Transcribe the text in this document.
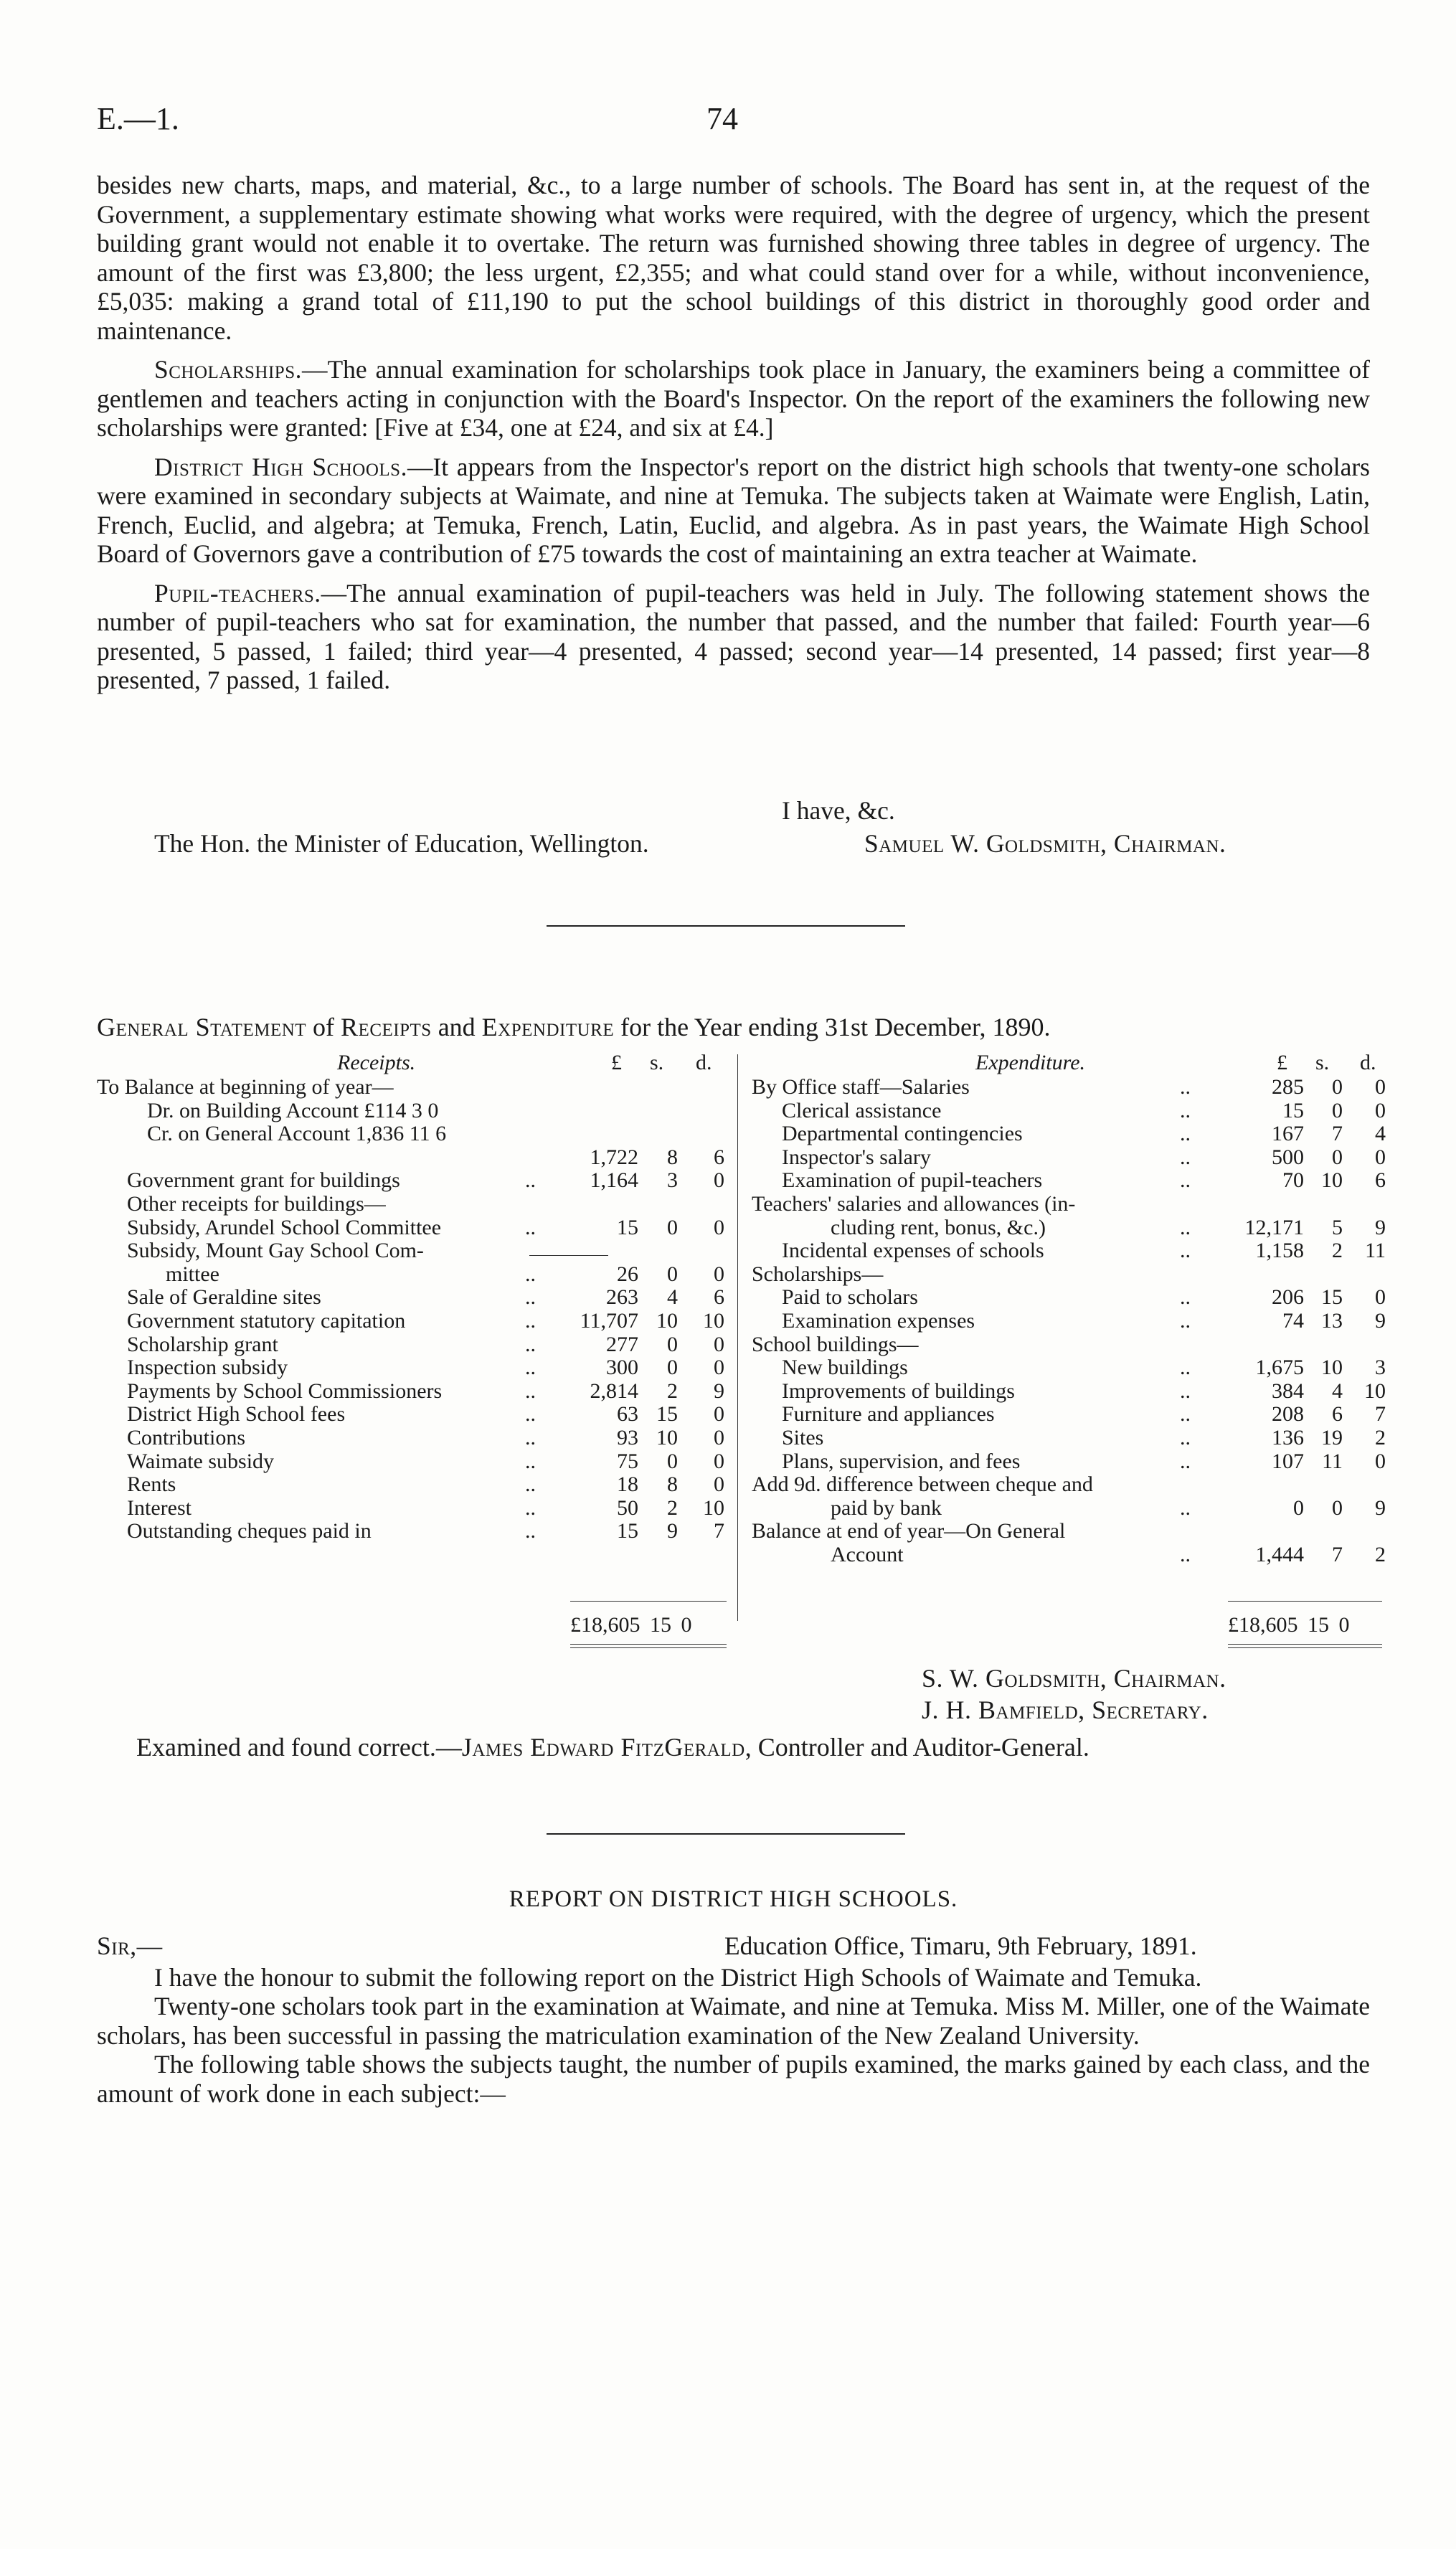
E.—1.	74

besides new charts, maps, and material, &c., to a large number of schools. The Board has sent in, at the request of the Government, a supplementary estimate showing what works were required, with the degree of urgency, which the present building grant would not enable it to overtake. The return was furnished showing three tables in degree of urgency. The amount of the first was £3,800; the less urgent, £2,355; and what could stand over for a while, without inconvenience, £5,035: making a grand total of £11,190 to put the school buildings of this district in thoroughly good order and maintenance.

Scholarships.—The annual examination for scholarships took place in January, the examiners being a committee of gentlemen and teachers acting in conjunction with the Board's Inspector. On the report of the examiners the following new scholarships were granted: [Five at £34, one at £24, and six at £4.]

District High Schools.—It appears from the Inspector's report on the district high schools that twenty-one scholars were examined in secondary subjects at Waimate, and nine at Temuka. The subjects taken at Waimate were English, Latin, French, Euclid, and algebra; at Temuka, French, Latin, Euclid, and algebra. As in past years, the Waimate High School Board of Governors gave a contribution of £75 towards the cost of maintaining an extra teacher at Waimate.

Pupil-teachers.—The annual examination of pupil-teachers was held in July. The following statement shows the number of pupil-teachers who sat for examination, the number that passed, and the number that failed: Fourth year—6 presented, 5 passed, 1 failed; third year—4 presented, 4 passed; second year—14 presented, 14 passed; first year—8 presented, 7 passed, 1 failed.

I have, &c.
The Hon. the Minister of Education, Wellington.	Samuel W. Goldsmith, Chairman.
General Statement of Receipts and Expenditure for the Year ending 31st December, 1890.
Receipts.	Expenditure.
£ s. d.	£ s. d.
To Balance at beginning of year—
Dr. on Building Account £114 3 0
Cr. on General Account 1,836 11 6
1,722	8	6
Government grant for buildings	..	1,164	3	0
Other receipts for buildings—
Subsidy, Arundel School Committee	..	15	0	0
Subsidy, Mount Gay School Com-
mittee	..	26	0	0
Sale of Geraldine sites	..	263	4	6
Government statutory capitation	..	11,707 10	10
Scholarship grant	..	277	0	0
Inspection subsidy	..	300	0	0
Payments by School Commissioners	..	2,814	2	9
District High School fees	..	63 15	0
Contributions	..	93 10	0
Waimate subsidy	..	75	0	0
Rents	..	18	8	0
Interest	..	50	2	10
Outstanding cheques paid in	..	15	9	7
By Office staff—Salaries	..	285	0	0
Clerical assistance	..	15	0	0
Departmental contingencies	..	167	7	4
Inspector's salary	..	500	0	0
Examination of pupil-teachers	..	70 10	6
Teachers' salaries and allowances (in-
cluding rent, bonus, &c.)	..	12,171	5	9
Incidental expenses of schools	..	1,158	2	11
Scholarships—
Paid to scholars	..	206 15	0
Examination expenses	..	74 13	9
School buildings—
New buildings	..	1,675 10	3
Improvements of buildings	..	384	4	10
Furniture and appliances	..	208	6	7
Sites	..	136 19	2
Plans, supervision, and fees	..	107 11	0
Add 9d. difference between cheque and
paid by bank	..	0	0	9
Balance at end of year—On General
Account	..	1,444	7	2
£18,605 15 0	£18,605 15 0
S. W. Goldsmith, Chairman.
J. H. Bamfield, Secretary.
Examined and found correct.—James Edward FitzGerald, Controller and Auditor-General.
REPORT ON DISTRICT HIGH SCHOOLS.
Sir,—	Education Office, Timaru, 9th February, 1891.

I have the honour to submit the following report on the District High Schools of Waimate and Temuka.

Twenty-one scholars took part in the examination at Waimate, and nine at Temuka. Miss M. Miller, one of the Waimate scholars, has been successful in passing the matriculation examination of the New Zealand University.

The following table shows the subjects taught, the number of pupils examined, the marks gained by each class, and the amount of work done in each subject:—
